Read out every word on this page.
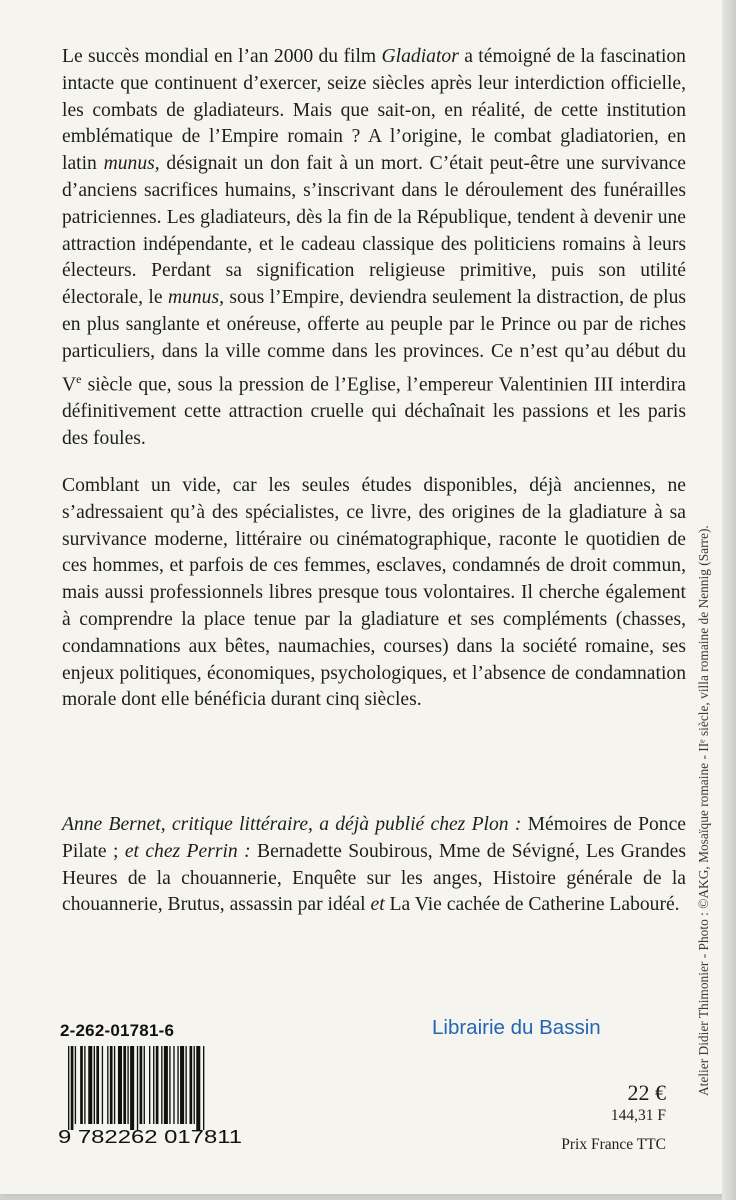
Le succès mondial en l’an 2000 du film Gladiator a témoigné de la fascination intacte que continuent d’exercer, seize siècles après leur interdiction officielle, les combats de gladiateurs. Mais que sait-on, en réalité, de cette institution emblématique de l’Empire romain ? A l’origine, le combat gladiatorien, en latin munus, désignait un don fait à un mort. C’était peut-être une survivance d’anciens sacrifices humains, s’inscrivant dans le déroulement des funérailles patriciennes. Les gladiateurs, dès la fin de la République, tendent à devenir une attraction indépendante, et le cadeau classique des politiciens romains à leurs électeurs. Perdant sa signification religieuse primitive, puis son utilité électorale, le munus, sous l’Empire, deviendra seulement la distraction, de plus en plus sanglante et onéreuse, offerte au peuple par le Prince ou par de riches particuliers, dans la ville comme dans les provinces. Ce n’est qu’au début du Ve siècle que, sous la pression de l’Eglise, l’empereur Valentinien III interdira définitivement cette attraction cruelle qui déchaînait les passions et les paris des foules.

Comblant un vide, car les seules études disponibles, déjà anciennes, ne s’adressaient qu’à des spécialistes, ce livre, des origines de la gladiature à sa survivance moderne, littéraire ou cinématographique, raconte le quotidien de ces hommes, et parfois de ces femmes, esclaves, condamnés de droit commun, mais aussi professionnels libres presque tous volontaires. Il cherche également à comprendre la place tenue par la gladiature et ses compléments (chasses, condamnations aux bêtes, naumachies, courses) dans la société romaine, ses enjeux politiques, économiques, psychologiques, et l’absence de condamnation morale dont elle bénéficia durant cinq siècles.

Anne Bernet, critique littéraire, a déjà publié chez Plon : Mémoires de Ponce Pilate ; et chez Perrin : Bernadette Soubirous, Mme de Sévigné, Les Grandes Heures de la chouannerie, Enquête sur les anges, Histoire générale de la chouannerie, Brutus, assassin par idéal et La Vie cachée de Catherine Labouré.	Atelier Didier Thimonier - Photo : ©AKG, Mosaïque romaine - IIᵉ siècle, villa romaine de Nennig (Sarre).
2-262-01781-6
9 782262 017811
Librairie du Bassin
22 €
144,31 F
Prix France TTC
